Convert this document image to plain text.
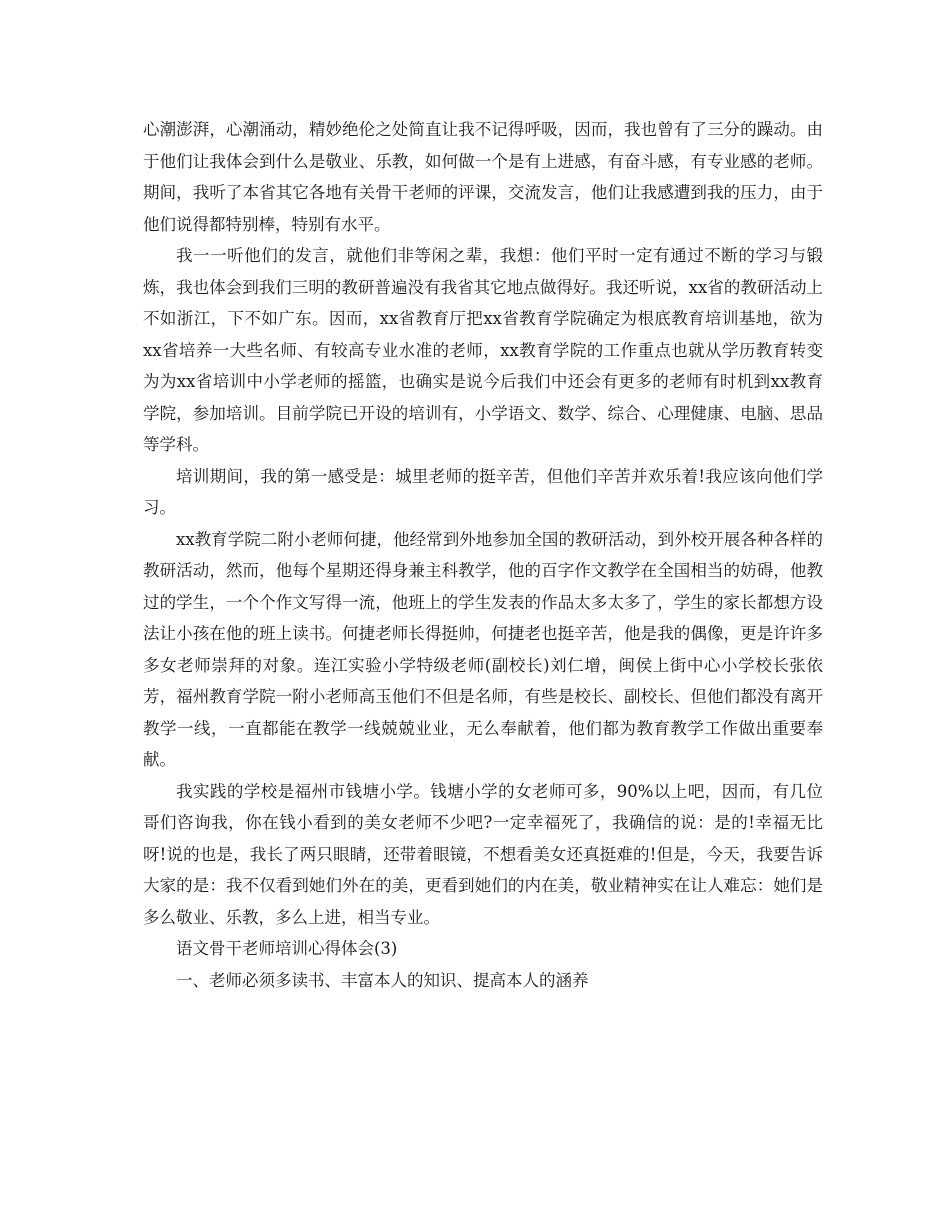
心潮澎湃，心潮涌动，精妙绝伦之处简直让我不记得呼吸，因而，我也曾有了三分的躁动。由于他们让我体会到什么是敬业、乐教，如何做一个是有上进感，有奋斗感，有专业感的老师。期间，我听了本省其它各地有关骨干老师的评课，交流发言，他们让我感遭到我的压力，由于他们说得都特别棒，特别有水平。

我一一听他们的发言，就他们非等闲之辈，我想：他们平时一定有通过不断的学习与锻炼，我也体会到我们三明的教研普遍没有我省其它地点做得好。我还听说，xx省的教研活动上不如浙江，下不如广东。因而，xx省教育厅把xx省教育学院确定为根底教育培训基地，欲为xx省培养一大些名师、有较高专业水准的老师，xx教育学院的工作重点也就从学历教育转变为为xx省培训中小学老师的摇篮，也确实是说今后我们中还会有更多的老师有时机到xx教育学院，参加培训。目前学院已开设的培训有，小学语文、数学、综合、心理健康、电脑、思品等学科。

培训期间，我的第一感受是：城里老师的挺辛苦，但他们辛苦并欢乐着!我应该向他们学习。

xx教育学院二附小老师何捷，他经常到外地参加全国的教研活动，到外校开展各种各样的教研活动，然而，他每个星期还得身兼主科教学，他的百字作文教学在全国相当的妨碍，他教过的学生，一个个作文写得一流，他班上的学生发表的作品太多太多了，学生的家长都想方设法让小孩在他的班上读书。何捷老师长得挺帅，何捷老也挺辛苦，他是我的偶像，更是许许多多女老师崇拜的对象。连江实验小学特级老师(副校长)刘仁增，闽侯上街中心小学校长张依芳，福州教育学院一附小老师高玉他们不但是名师，有些是校长、副校长、但他们都没有离开教学一线，一直都能在教学一线兢兢业业，无么奉献着，他们都为教育教学工作做出重要奉献。

我实践的学校是福州市钱塘小学。钱塘小学的女老师可多，90%以上吧，因而，有几位哥们咨询我，你在钱小看到的美女老师不少吧?一定幸福死了，我确信的说：是的!幸福无比呀!说的也是，我长了两只眼睛，还带着眼镜，不想看美女还真挺难的!但是，今天，我要告诉大家的是：我不仅看到她们外在的美，更看到她们的内在美，敬业精神实在让人难忘：她们是多么敬业、乐教，多么上进，相当专业。

语文骨干老师培训心得体会(3)

一、老师必须多读书、丰富本人的知识、提高本人的涵养
